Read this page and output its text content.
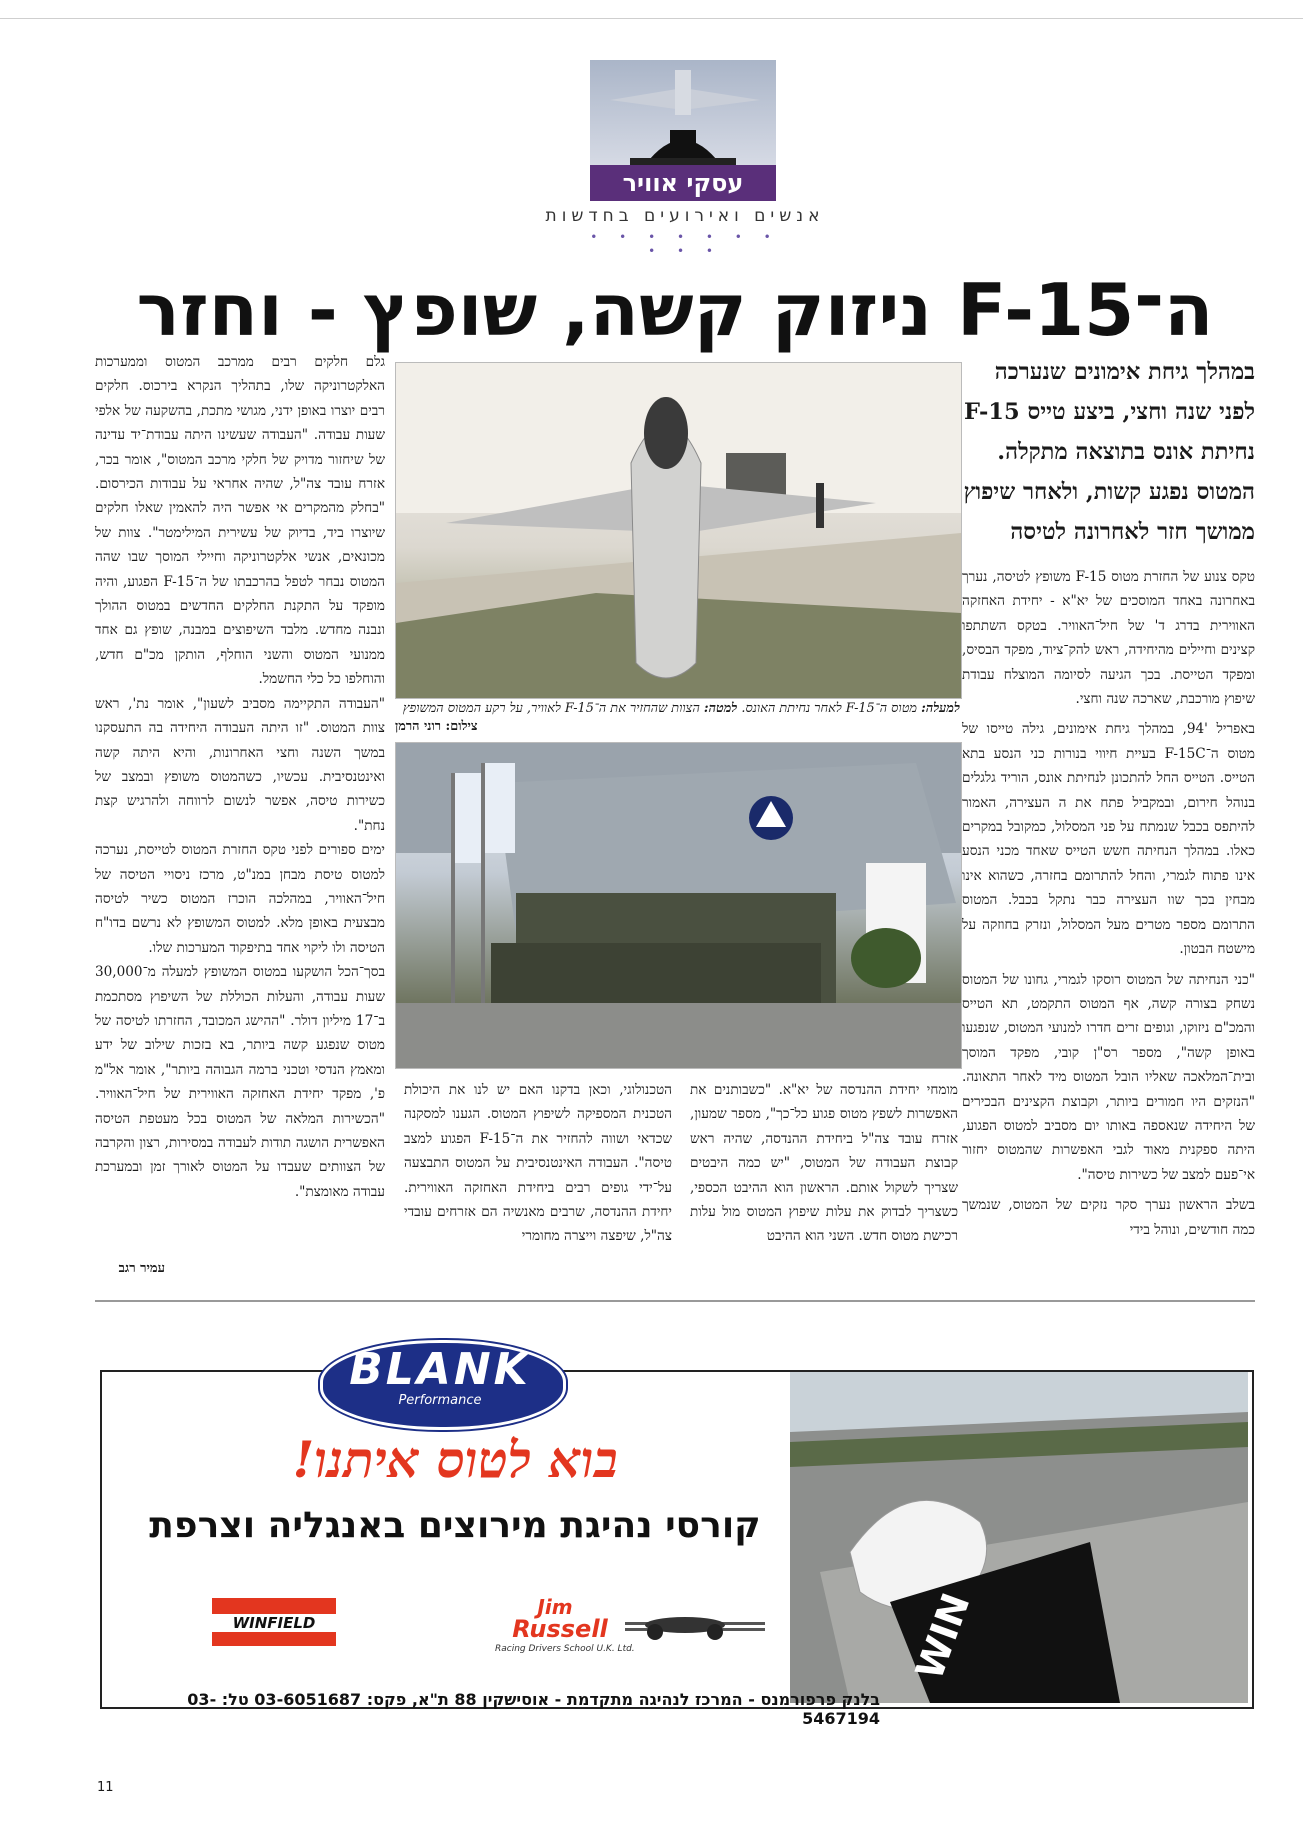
עסקי אוויר
אנשים ואירועים בחדשות
• • • • • • • • • •
ה־F-15 ניזוק קשה, שופץ - וחזר
במהלך גיחת אימונים שנערכה לפני שנה וחצי, ביצע טייס F-15 נחיתת אונס בתוצאה מתקלה. המטוס נפגע קשות, ולאחר שיפוץ ממושך חזר לאחרונה לטיסה

טקס צנוע של החזרת מטוס F-15 משופץ לטיסה, נערך באחרונה באחד המוסכים של יא"א - יחידת האחזקה האווירית בדרג ד' של חיל־האוויר. בטקס השתתפו קצינים וחיילים מהיחידה, ראש להק־ציוד, מפקד הבסיס, ומפקד הטייסת. בכך הגיעה לסיומה המוצלח עבודת שיפוץ מורכבת, שארכה שנה וחצי.

באפריל '94, במהלך גיחת אימונים, גילה טייסו של מטוס ה־F-15C בעיית חיווי בנורות כני הנסע בתא הטייס. הטייס החל להתכונן לנחיתת אונס, הוריד גלגלים בנוהל חירום, ובמקביל פתח את ה העצירה, האמור להיתפס בכבל שנמתח על פני המסלול, כמקובל במקרים כאלו. במהלך הנחיתה חשש הטייס שאחד מכני הנסע אינו פתוח לגמרי, והחל להתרומם בחזרה, כשהוא אינו מבחין בכך שוו העצירה כבר נתקל בכבל. המטוס התרומם מספר מטרים מעל המסלול, ונזרק בחוזקה על מישטח הבטון.

"כני הנחיתה של המטוס רוסקו לגמרי, גחונו של המטוס נשחק בצורה קשה, אף המטוס התקמט, תא הטייס והמכ"ם ניזוקו, וגופים זרים חדרו למנועי המטוס, שנפגעו באופן קשה", מספר רס"ן קובי, מפקד המוסך ובית־המלאכה שאליו הובל המטוס מיד לאחר התאונה. "הנזקים היו חמורים ביותר, וקבוצת הקצינים הבכירים של היחידה שנאספה באותו יום מסביב למטוס הפגוע, היתה ספקנית מאוד לגבי האפשרות שהמטוס יחזור אי־פעם למצב של כשירות טיסה".

בשלב הראשון נערך סקר נזקים של המטוס, שנמשך כמה חודשים, ונוהל בידי

למעלה: מטוס ה־F-15 לאחר נחיתת האונס. למטה: הצוות שהחזיר את ה־F-15 לאוויר, על רקע המטוס המשופץ
צילום: רוני הרמן
מומחי יחידת ההנדסה של יא"א. "כשבותנים את האפשרות לשפץ מטוס פגוע כל־כך", מספר שמעון, אזרח עובד צה"ל ביחידת ההנדסה, שהיה ראש קבוצת העבודה של המטוס, "יש כמה היבטים שצריך לשקול אותם. הראשון הוא ההיבט הכספי, כשצריך לבדוק את עלות שיפוץ המטוס מול עלות רכישת מטוס חדש. השני הוא ההיבט
הטכנולוגי, וכאן בדקנו האם יש לנו את היכולת הטכנית המספיקה לשיפוץ המטוס. הגענו למסקנה שכדאי ושווה להחזיר את ה־F-15 הפגוע למצב טיסה". העבודה האינטנסיבית על המטוס התבצעה על־ידי גופים רבים ביחידת האחזקה האווירית. יחידת ההנדסה, שרבים מאנשיה הם אזרחים עובדי צה"ל, שיפצה וייצרה מחומרי

גלם חלקים רבים ממרכב המטוס וממערכות האלקטרוניקה שלו, בתהליך הנקרא בירכוס. חלקים רבים יוצרו באופן ידני, מגושי מתכת, בהשקעה של אלפי שעות עבודה. "העבודה שעשינו היתה עבודת־יד עדינה של שיחזור מדויק של חלקי מרכב המטוס", אומר בכר, אזרח עובד צה"ל, שהיה אחראי על עבודות הכירסום. "בחלק מהמקרים אי אפשר היה להאמין שאלו חלקים שיוצרו ביד, בדיוק של עשירית המילימטר". צוות של מכונאים, אנשי אלקטרוניקה וחיילי המוסך שבו שהה המטוס נבחר לטפל בהרכבתו של ה־F-15 הפגוע, והיה מופקד על התקנת החלקים החדשים במטוס ההולך ונבנה מחדש. מלבד השיפוצים במבנה, שופץ גם אחד ממנועי המטוס והשני הוחלף, הותקן מכ"ם חדש, והוחלפו כל כלי החשמל.

"העבודה התקיימה מסביב לשעון", אומר נת', ראש צוות המטוס. "זו היתה העבודה היחידה בה התעסקנו במשך השנה וחצי האחרונות, והיא היתה קשה ואינטנסיבית. עכשיו, כשהמטוס משופץ ובמצב של כשירות טיסה, אפשר לנשום לרווחה ולהרגיש קצת נחת".

ימים ספורים לפני טקס החזרת המטוס לטייסת, נערכה למטוס טיסת מבחן במנ"ט, מרכז ניסויי הטיסה של חיל־האוויר, במהלכה הוכרז המטוס כשיר לטיסה מבצעית באופן מלא. למטוס המשופץ לא נרשם בדו"ח הטיסה ולו ליקוי אחד בתיפקוד המערכות שלו.

בסך־הכל הושקעו במטוס המשופץ למעלה מ־30,000 שעות עבודה, והעלות הכוללת של השיפוץ מסתכמת ב־17 מיליון דולר. "ההישג המכובד, החזרתו לטיסה של מטוס שנפגע קשה ביותר, בא בזכות שילוב של ידע ומאמץ הנדסי וטכני ברמה הגבוהה ביותר", אומר אל"מ פ', מפקד יחידת האחזקה האווירית של חיל־האוויר. "הכשירות המלאה של המטוס בכל מעטפת הטיסה האפשרית הושגה תודות לעבודה במסירות, רצון והקרבה של הצוותים שעבדו על המטוס לאורך זמן ובמערכת עבודה מאומצת".

עמיר רגב
WIN
BLANK
Performance
בוא לטוס איתנו!
קורסי נהיגת מירוצים באנגליה וצרפת
WINFIELD
Jim
Russell
Racing Drivers School U.K. Ltd.
בלנק פרפורמנס - המרכז לנהיגה מתקדמת - אוסישקין 88 ת"א, פקס: 03-6051687 טל: 03-5467194
11
